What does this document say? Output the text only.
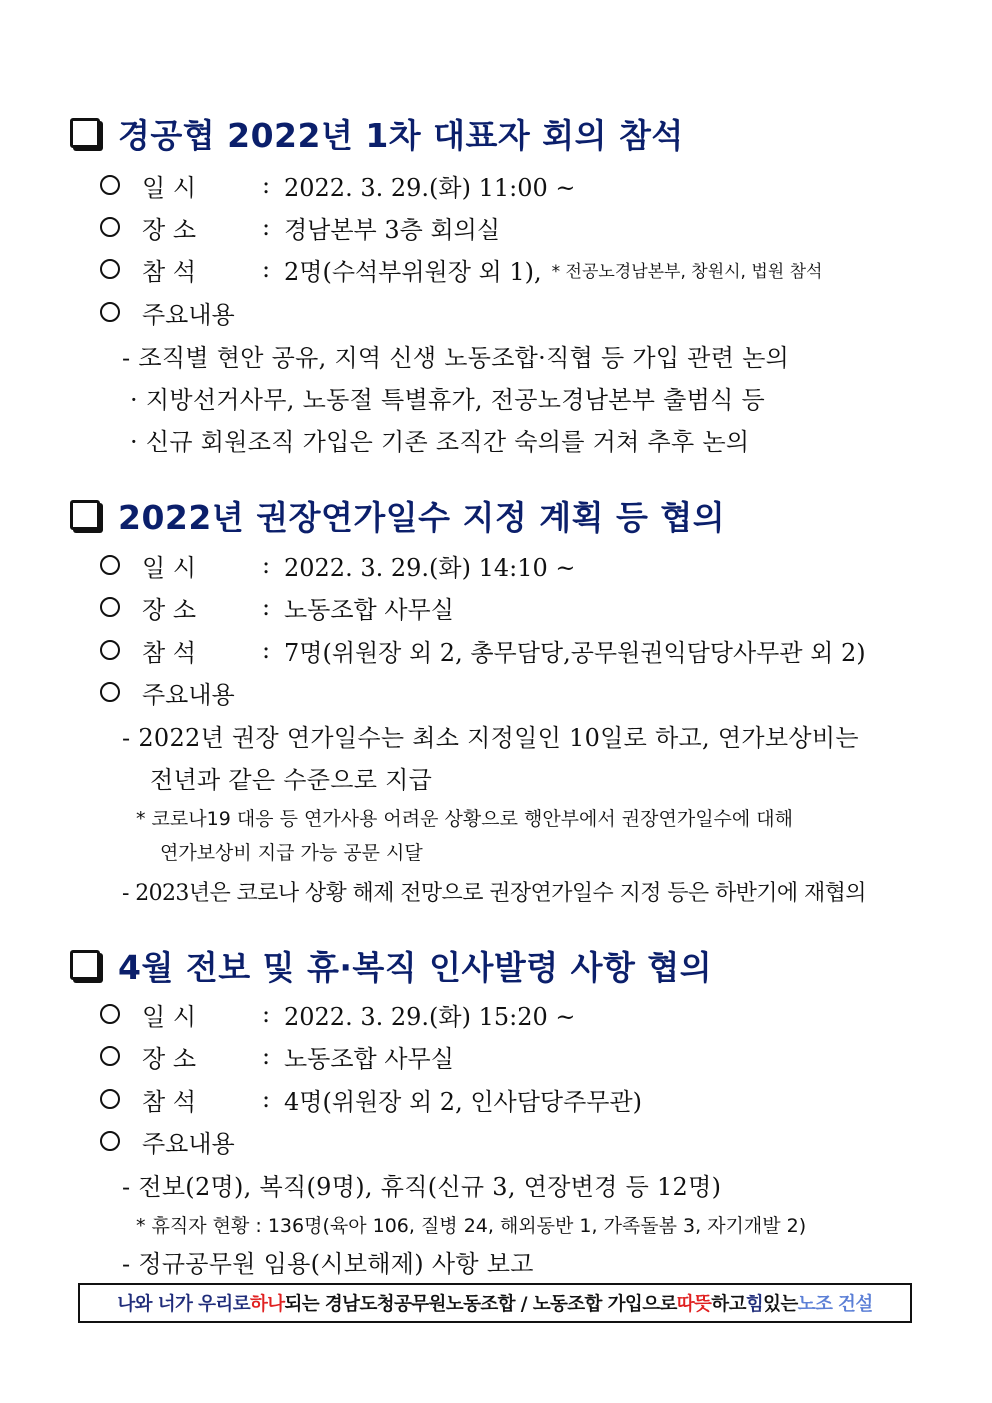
경공협 2022년 1차 대표자 회의 참석
일 시	: 2022. 3. 29.(화) 11:00 ~
장 소	: 경남본부 3층 회의실
참 석	: 2명(수석부위원장 외 1), * 전공노경남본부, 창원시, 법원 참석
주요내용
- 조직별 현안 공유, 지역 신생 노동조합·직협 등 가입 관련 논의
· 지방선거사무, 노동절 특별휴가, 전공노경남본부 출범식 등
· 신규 회원조직 가입은 기존 조직간 숙의를 거쳐 추후 논의
2022년 권장연가일수 지정 계획 등 협의
일 시	: 2022. 3. 29.(화) 14:10 ~
장 소	: 노동조합 사무실
참 석	: 7명(위원장 외 2, 총무담당,공무원권익담당사무관 외 2)
주요내용
- 2022년 권장 연가일수는 최소 지정일인 10일로 하고, 연가보상비는
전년과 같은 수준으로 지급
* 코로나19 대응 등 연가사용 어려운 상황으로 행안부에서 권장연가일수에 대해
연가보상비 지급 가능 공문 시달
- 2023년은 코로나 상황 해제 전망으로 권장연가일수 지정 등은 하반기에 재협의
4월 전보 및 휴·복직 인사발령 사항 협의
일 시	: 2022. 3. 29.(화) 15:20 ~
장 소	: 노동조합 사무실
참 석	: 4명(위원장 외 2, 인사담당주무관)
주요내용
- 전보(2명), 복직(9명), 휴직(신규 3, 연장변경 등 12명)
* 휴직자 현황 : 136명(육아 106, 질병 24, 해외동반 1, 가족돌봄 3, 자기개발 2)
- 정규공무원 임용(시보해제) 사항 보고
나와 너가 우리로 하나 되는 경남도청공무원노동조합 / 노동조합 가입으로 따뜻 하고 힘 있는 노조 건설
